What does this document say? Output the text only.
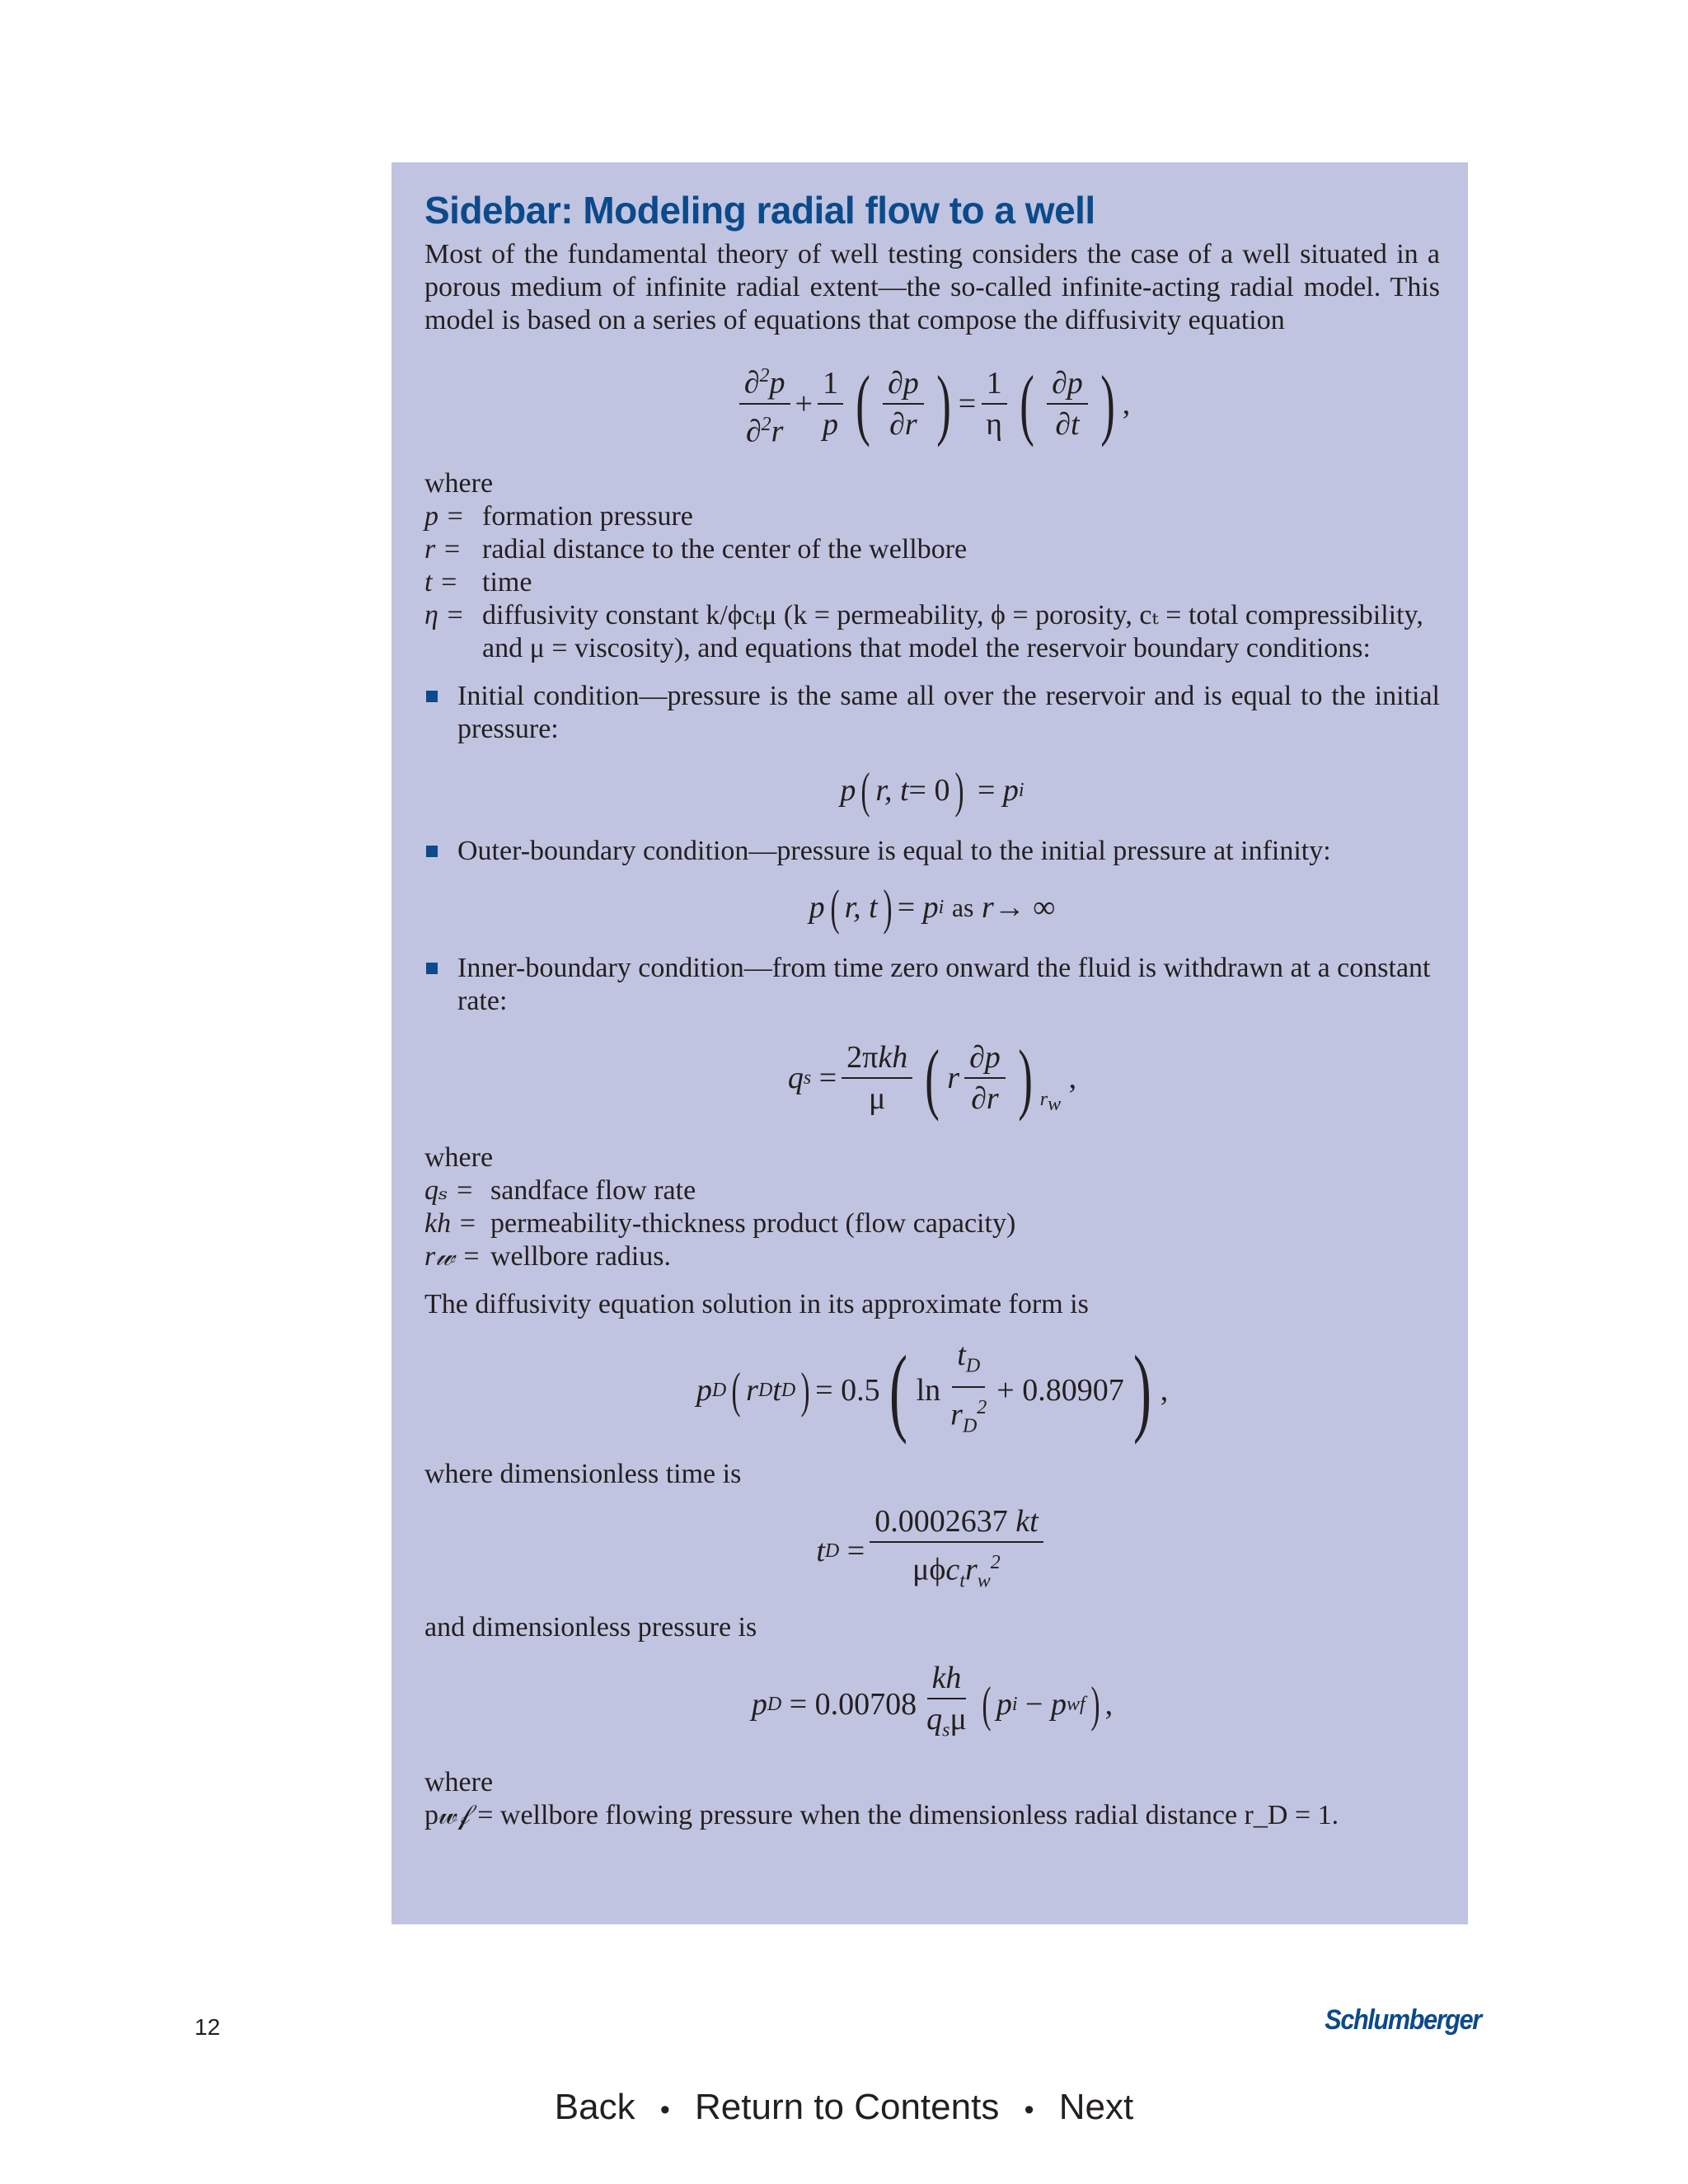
Sidebar: Modeling radial flow to a well

Most of the fundamental theory of well testing considers the case of a well situated in a porous medium of infinite radial extent—the so-called infinite-acting radial model. This model is based on a series of equations that compose the diffusivity equation

$\frac{\partial^2p}{\partial^2r} + \frac{1}{p}$ ( $\frac{\partial p}{\partial r}$ ) = $\frac{1}{\eta}$ ( $\frac{\partial p}{\partial t}$ ) ,
where
p = formation pressure
r = radial distance to the center of the wellbore
t = time
η = diffusivity constant k/ϕcₜμ (k = permeability, ϕ = porosity, cₜ = total compressibility, and μ = viscosity), and equations that model the reservoir boundary conditions:
Initial condition—pressure is the same all over the reservoir and is equal to the initial pressure:
p ( r, t = 0 ) = p i
Outer-boundary condition—pressure is equal to the initial pressure at infinity:
p ( r, t ) = p i
as r → ∞
Inner-boundary condition—from time zero onward the fluid is withdrawn at a constant rate:
q s
= $\frac{\text{2πkh}}{\mu}$ ( r $\frac{\partial p}{\partial r}$ ) $_{r_w}$

,
where
qₛ = sandface flow rate
kh = permeability-thickness product (flow capacity)
r𝓌 = wellbore radius.

The diffusivity equation solution in its approximate form is

p D ( r D t D ) = 0.5 ( $\ln \frac{t_D}{r_D^2} + 0.80907$ ) ,

where dimensionless time is

t D
= $\frac{0.0002637 kt}{\mu\phi c_tr_w^2}$

and dimensionless pressure is

p D
= $0.00708 \frac{kh}{q_s\mu}$ ( p i − p wf ) ,
where
p𝓌𝒻 = wellbore flowing pressure when the dimensionless radial distance r_D = 1.
12	Schlumberger
Back • Return to Contents • Next
